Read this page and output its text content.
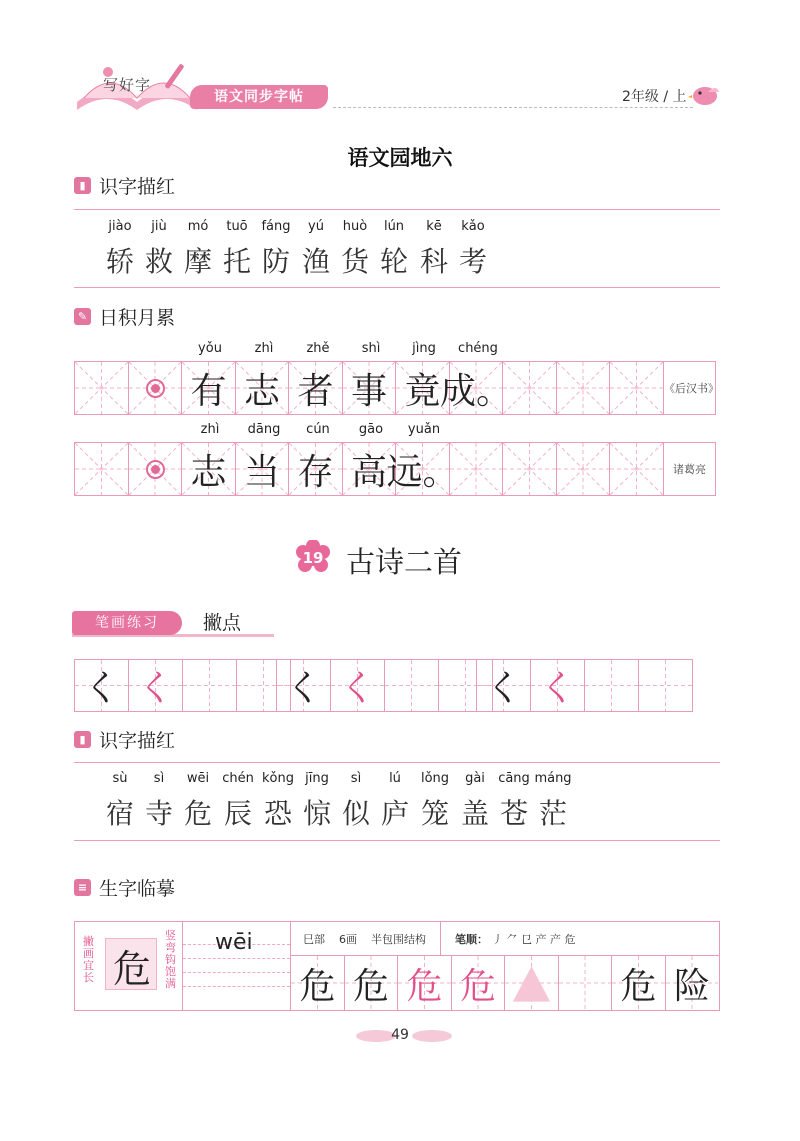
写好字
语文同步字帖	2年级 / 上
语文园地六
▮ 识字描红
jiào	jiù	mó	tuō	fáng	yú	huò	lún	kē	kǎo
轿 救 摩 托 防 渔 货 轮 科 考
✎ 日积月累
yǒu	zhì	zhě	shì	jìng	chéng
有 志 者 事 竟 成。	《后汉书》
zhì	dāng	cún	gāo	yuǎn
志 当 存 高 远。	诸葛亮
19 古诗二首
笔画练习	撇点
く く	く く	く く
▮ 识字描红
sù	sì	wēi	chén kǒng jīng	sì	lú	lǒng	gài	cāng máng
宿 寺 危 辰 恐 惊 似 庐 笼 盖 苍 茫
≡ 生字临摹
撇画宜长 危
竖弯钩饱满
wēi	巳部 6画 半包围结构	笔顺： 丿 ⺈ 㔾 产 产 危
危 危 危 危	危 险
49
